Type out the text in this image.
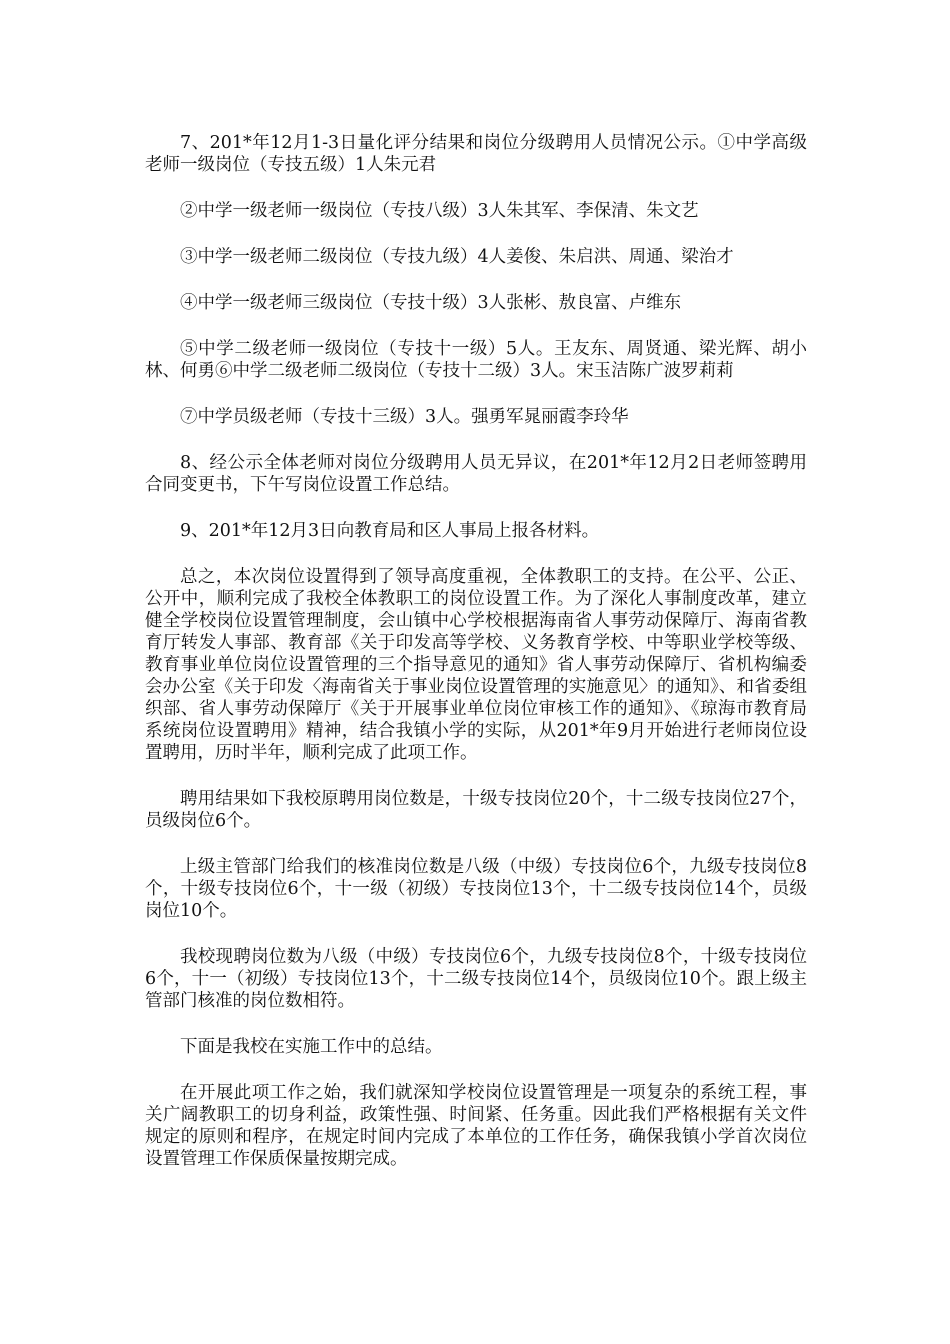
7、201*年12月1-3日量化评分结果和岗位分级聘用人员情况公示。①中学高级老师一级岗位（专技五级）1人朱元君

②中学一级老师一级岗位（专技八级）3人朱其军、李保清、朱文艺

③中学一级老师二级岗位（专技九级）4人姜俊、朱启洪、周通、梁治才

④中学一级老师三级岗位（专技十级）3人张彬、敖良富、卢维东

⑤中学二级老师一级岗位（专技十一级）5人。王友东、周贤通、梁光辉、胡小林、何勇⑥中学二级老师二级岗位（专技十二级）3人。宋玉洁陈广波罗莉莉

⑦中学员级老师（专技十三级）3人。强勇军晁丽霞李玲华

8、经公示全体老师对岗位分级聘用人员无异议，在201*年12月2日老师签聘用合同变更书，下午写岗位设置工作总结。

9、201*年12月3日向教育局和区人事局上报各材料。

总之，本次岗位设置得到了领导高度重视，全体教职工的支持。在公平、公正、公开中，顺利完成了我校全体教职工的岗位设置工作。为了深化人事制度改革，建立健全学校岗位设置管理制度，会山镇中心学校根据海南省人事劳动保障厅、海南省教育厅转发人事部、教育部《关于印发高等学校、义务教育学校、中等职业学校等级、教育事业单位岗位设置管理的三个指导意见的通知》省人事劳动保障厅、省机构编委会办公室《关于印发〈海南省关于事业岗位设置管理的实施意见〉的通知》、和省委组织部、省人事劳动保障厅《关于开展事业单位岗位审核工作的通知》、《琼海市教育局系统岗位设置聘用》精神，结合我镇小学的实际，从201*年9月开始进行老师岗位设置聘用，历时半年，顺利完成了此项工作。

聘用结果如下我校原聘用岗位数是，十级专技岗位20个，十二级专技岗位27个，员级岗位6个。

上级主管部门给我们的核准岗位数是八级（中级）专技岗位6个，九级专技岗位8个，十级专技岗位6个，十一级（初级）专技岗位13个，十二级专技岗位14个，员级岗位10个。

我校现聘岗位数为八级（中级）专技岗位6个，九级专技岗位8个，十级专技岗位6个，十一（初级）专技岗位13个，十二级专技岗位14个，员级岗位10个。跟上级主管部门核准的岗位数相符。

下面是我校在实施工作中的总结。

在开展此项工作之始，我们就深知学校岗位设置管理是一项复杂的系统工程，事关广阔教职工的切身利益，政策性强、时间紧、任务重。因此我们严格根据有关文件规定的原则和程序，在规定时间内完成了本单位的工作任务，确保我镇小学首次岗位设置管理工作保质保量按期完成。
